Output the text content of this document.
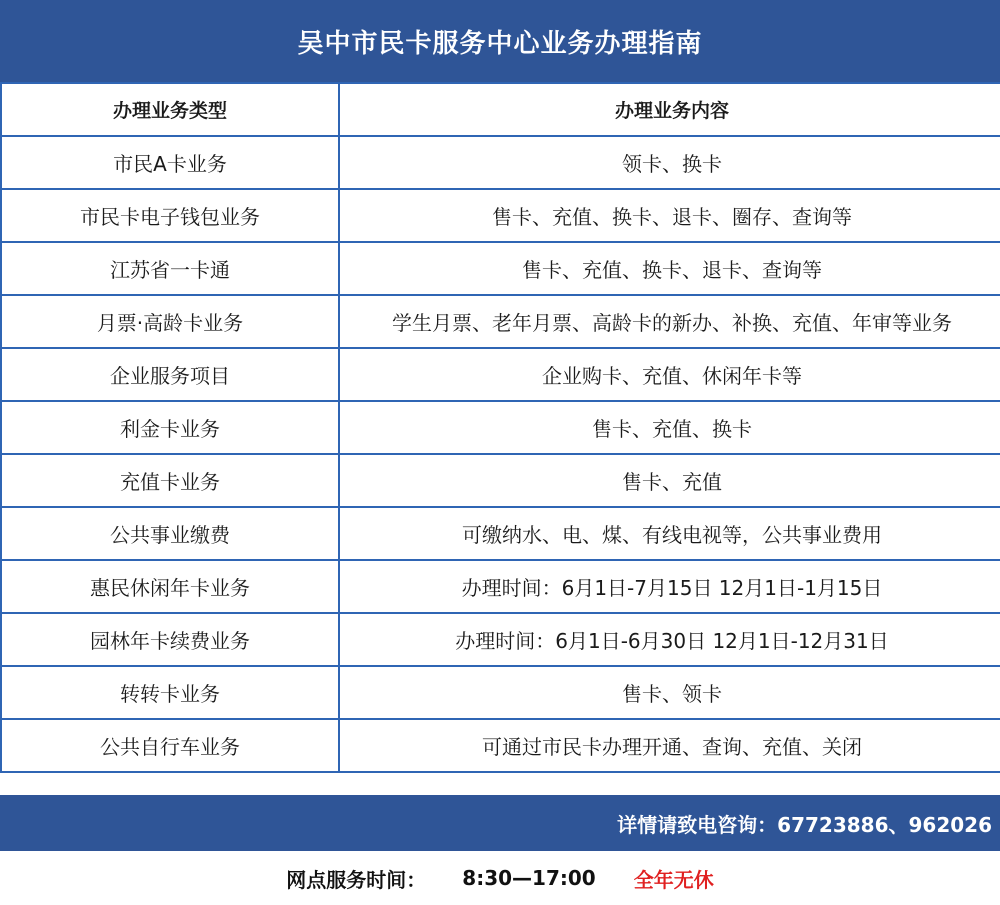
吴中市民卡服务中心业务办理指南
办理业务类型	办理业务内容
市民A卡业务	领卡、换卡
市民卡电子钱包业务	售卡、充值、换卡、退卡、圈存、查询等
江苏省一卡通	售卡、充值、换卡、退卡、查询等
月票·高龄卡业务	学生月票、老年月票、高龄卡的新办、补换、充值、年审等业务
企业服务项目	企业购卡、充值、休闲年卡等
利金卡业务	售卡、充值、换卡
充值卡业务	售卡、充值
公共事业缴费	可缴纳水、电、煤、有线电视等，公共事业费用
惠民休闲年卡业务	办理时间：6月1日-7月15日 12月1日-1月15日
园林年卡续费业务	办理时间：6月1日-6月30日 12月1日-12月31日
转转卡业务	售卡、领卡
公共自行车业务	可通过市民卡办理开通、查询、充值、关闭
详情请致电咨询：67723886、962026
网点服务时间： 8:30—17:00 全年无休
